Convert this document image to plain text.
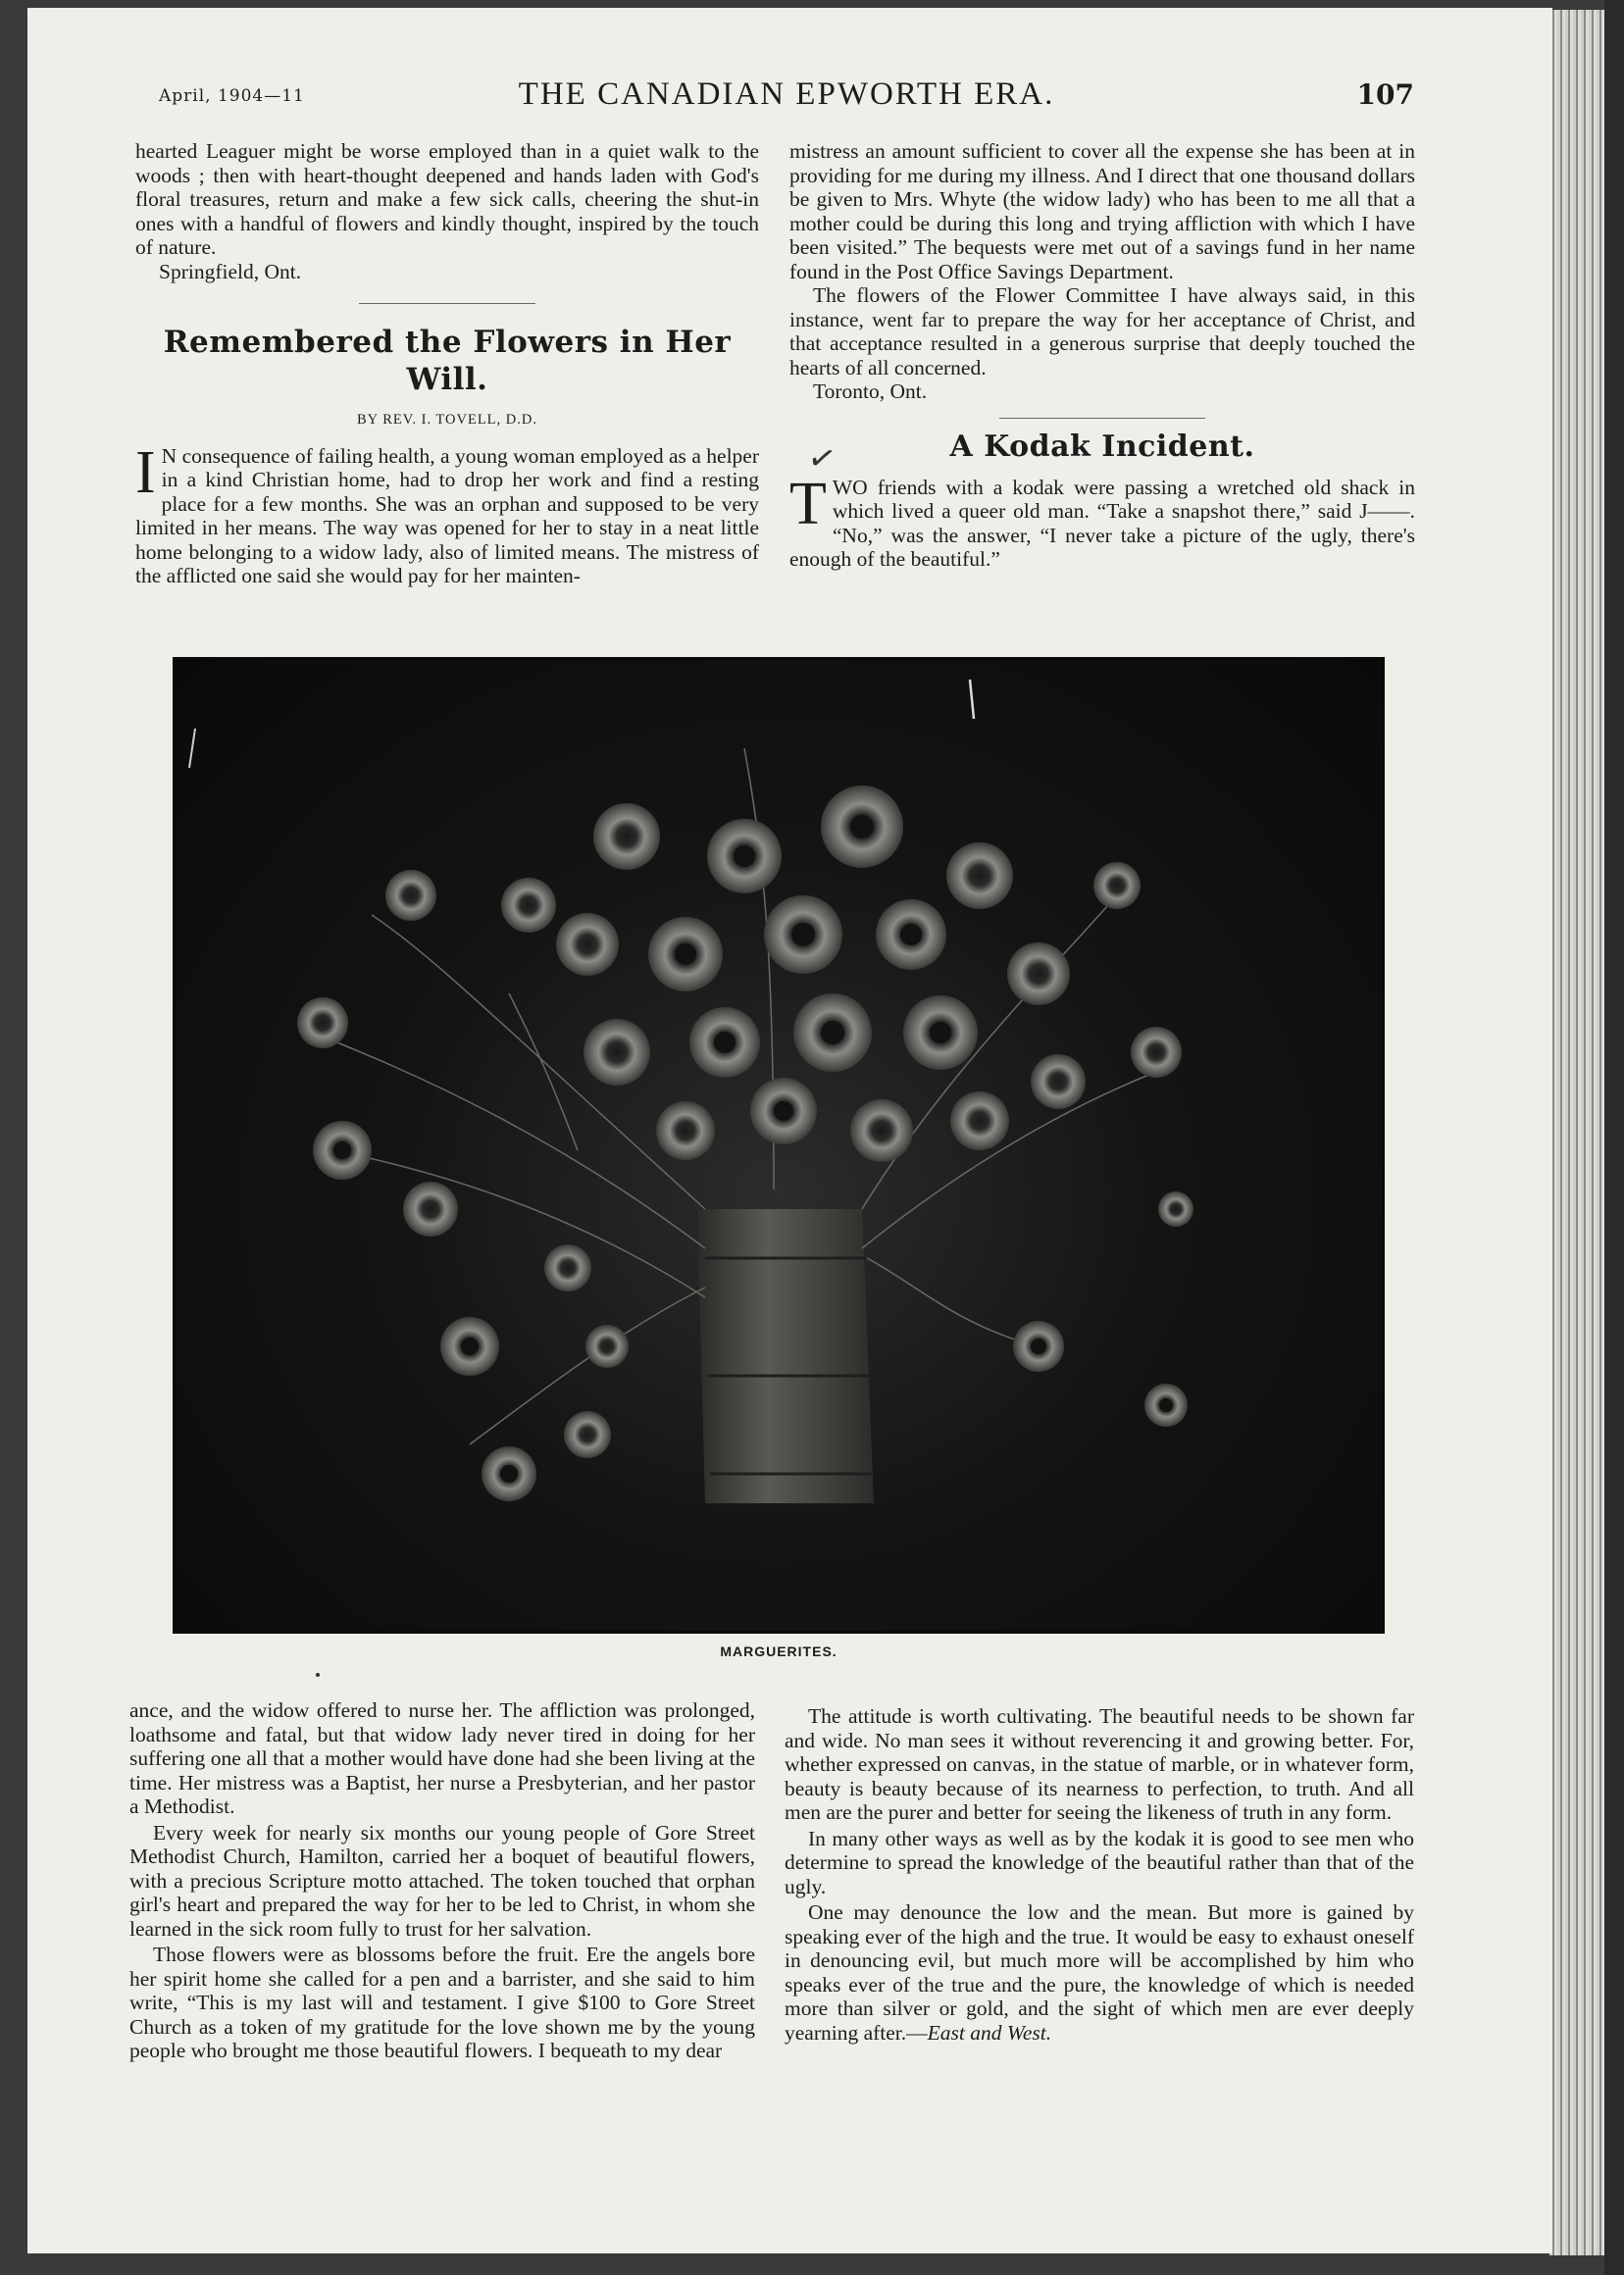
April, 1904—11	THE CANADIAN EPWORTH ERA.	107

hearted Leaguer might be worse employed than in a quiet walk to the woods ; then with heart-thought deepened and hands laden with God's floral treasures, return and make a few sick calls, cheering the shut-in ones with a handful of flowers and kindly thought, inspired by the touch of nature.

Springfield, Ont.

Remembered the Flowers in Her Will.

BY REV. I. TOVELL, D.D.

I N consequence of failing health, a young woman employed as a helper in a kind Christian home, had to drop her work and find a resting place for a few months. She was an orphan and supposed to be very limited in her means. The way was opened for her to stay in a neat little home belonging to a widow lady, also of limited means. The mistress of the afflicted one said she would pay for her mainten-

mistress an amount sufficient to cover all the expense she has been at in providing for me during my illness. And I direct that one thousand dollars be given to Mrs. Whyte (the widow lady) who has been to me all that a mother could be during this long and trying affliction with which I have been visited.” The bequests were met out of a savings fund in her name found in the Post Office Savings Department.

The flowers of the Flower Committee I have always said, in this instance, went far to prepare the way for her acceptance of Christ, and that acceptance resulted in a generous surprise that deeply touched the hearts of all concerned.

Toronto, Ont.

A Kodak Incident.

TWO friends with a kodak were passing a wretched old shack in which lived a queer old man. “Take a snapshot there,” said J——. “No,” was the answer, “I never take a picture of the ugly, there's enough of the beautiful.”

✓
MARGUERITES.

ance, and the widow offered to nurse her. The affliction was prolonged, loathsome and fatal, but that widow lady never tired in doing for her suffering one all that a mother would have done had she been living at the time. Her mistress was a Baptist, her nurse a Presbyterian, and her pastor a Methodist.

Every week for nearly six months our young people of Gore Street Methodist Church, Hamilton, carried her a boquet of beautiful flowers, with a precious Scripture motto attached. The token touched that orphan girl's heart and prepared the way for her to be led to Christ, in whom she learned in the sick room fully to trust for her salvation.

Those flowers were as blossoms before the fruit. Ere the angels bore her spirit home she called for a pen and a barrister, and she said to him write, “This is my last will and testament. I give $100 to Gore Street Church as a token of my gratitude for the love shown me by the young people who brought me those beautiful flowers. I bequeath to my dear

The attitude is worth cultivating. The beautiful needs to be shown far and wide. No man sees it without reverencing it and growing better. For, whether expressed on canvas, in the statue of marble, or in whatever form, beauty is beauty because of its nearness to perfection, to truth. And all men are the purer and better for seeing the likeness of truth in any form.

In many other ways as well as by the kodak it is good to see men who determine to spread the knowledge of the beautiful rather than that of the ugly.

One may denounce the low and the mean. But more is gained by speaking ever of the high and the true. It would be easy to exhaust oneself in denouncing evil, but much more will be accomplished by him who speaks ever of the true and the pure, the knowledge of which is needed more than silver or gold, and the sight of which men are ever deeply yearning after.—East and West.
